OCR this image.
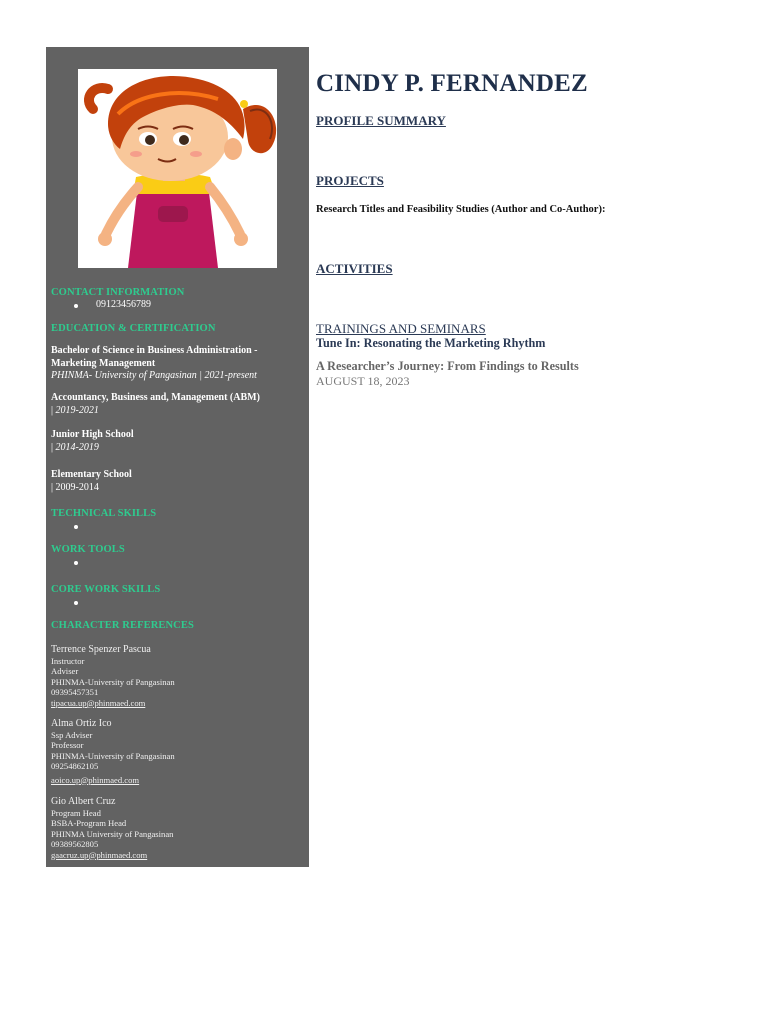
CONTACT INFORMATION
09123456789
EDUCATION & CERTIFICATION
Bachelor of Science in Business Administration -
Marketing Management
PHINMA- University of Pangasinan | 2021-present
Accountancy, Business and, Management (ABM)
| 2019-2021
Junior High School
| 2014-2019
Elementary School
| 2009-2014
TECHNICAL SKILLS
WORK TOOLS
CORE WORK SKILLS
CHARACTER REFERENCES
Terrence Spenzer Pascua
Instructor
Adviser
PHINMA-University of Pangasinan
09395457351
tipacua.up@phinmaed.com
Alma Ortiz Ico
Ssp Adviser
Professor
PHINMA-University of Pangasinan
09254862105
aoico.up@phinmaed.com
Gio Albert Cruz
Program Head
BSBA-Program Head
PHINMA University of Pangasinan
09389562805
gaacruz.up@phinmaed.com
CINDY P. FERNANDEZ
PROFILE SUMMARY
PROJECTS
Research Titles and Feasibility Studies (Author and Co-Author):
ACTIVITIES
TRAININGS AND SEMINARS
Tune In: Resonating the Marketing Rhythm
A Researcher’s Journey: From Findings to Results
AUGUST 18, 2023
